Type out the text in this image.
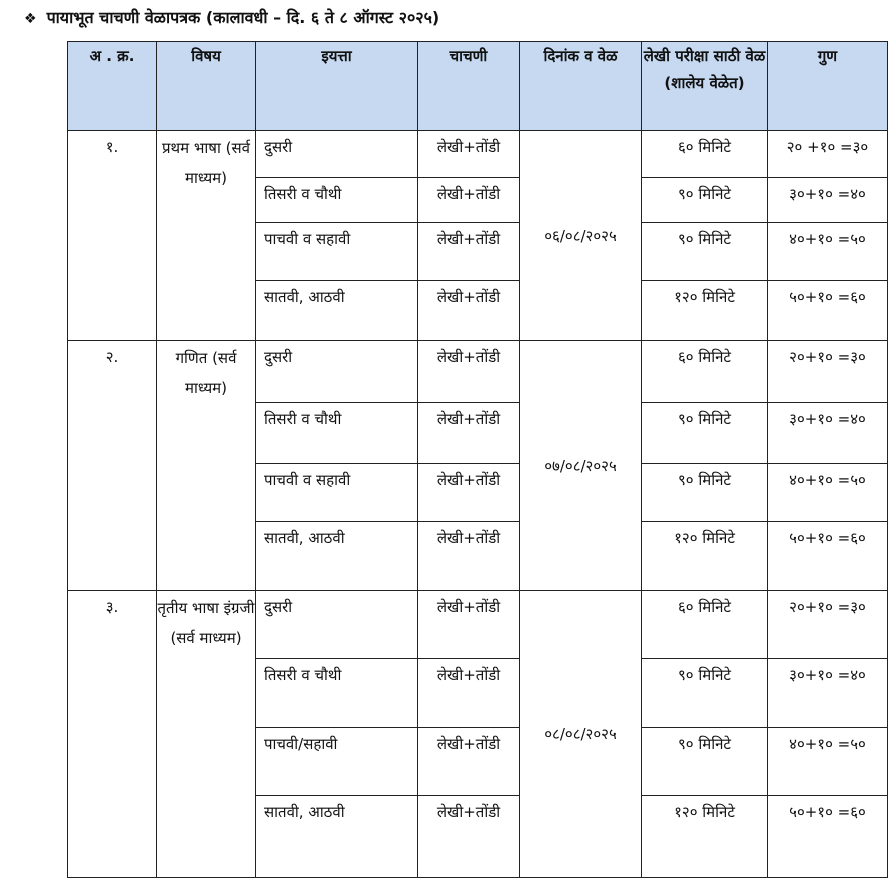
❖ पायाभूत चाचणी वेळापत्रक (कालावधी – दि. ६ ते ८ ऑगस्ट २०२५)
अ . क्र.	विषय	इयत्ता	चाचणी	दिनांक व वेळ	लेखी परीक्षा साठी वेळ (शालेय वेळेत)	गुण
१.	प्रथम भाषा (सर्व माध्यम)	दुसरी	लेखी+तोंडी	०६/०८/२०२५	६० मिनिटे	२० +१० =३०
		तिसरी व चौथी	लेखी+तोंडी		९० मिनिटे	३०+१० =४०
		पाचवी व सहावी	लेखी+तोंडी		९० मिनिटे	४०+१० =५०
		सातवी, आठवी	लेखी+तोंडी		१२० मिनिटे	५०+१० =६०
२.	गणित (सर्व माध्यम)	दुसरी	लेखी+तोंडी	०७/०८/२०२५	६० मिनिटे	२०+१० =३०
		तिसरी व चौथी	लेखी+तोंडी		९० मिनिटे	३०+१० =४०
		पाचवी व सहावी	लेखी+तोंडी		९० मिनिटे	४०+१० =५०
		सातवी, आठवी	लेखी+तोंडी		१२० मिनिटे	५०+१० =६०
३.	तृतीय भाषा इंग्रजी (सर्व माध्यम)	दुसरी	लेखी+तोंडी	०८/०८/२०२५	६० मिनिटे	२०+१० =३०
		तिसरी व चौथी	लेखी+तोंडी		९० मिनिटे	३०+१० =४०
		पाचवी/सहावी	लेखी+तोंडी		९० मिनिटे	४०+१० =५०
		सातवी, आठवी	लेखी+तोंडी		१२० मिनिटे	५०+१० =६०
